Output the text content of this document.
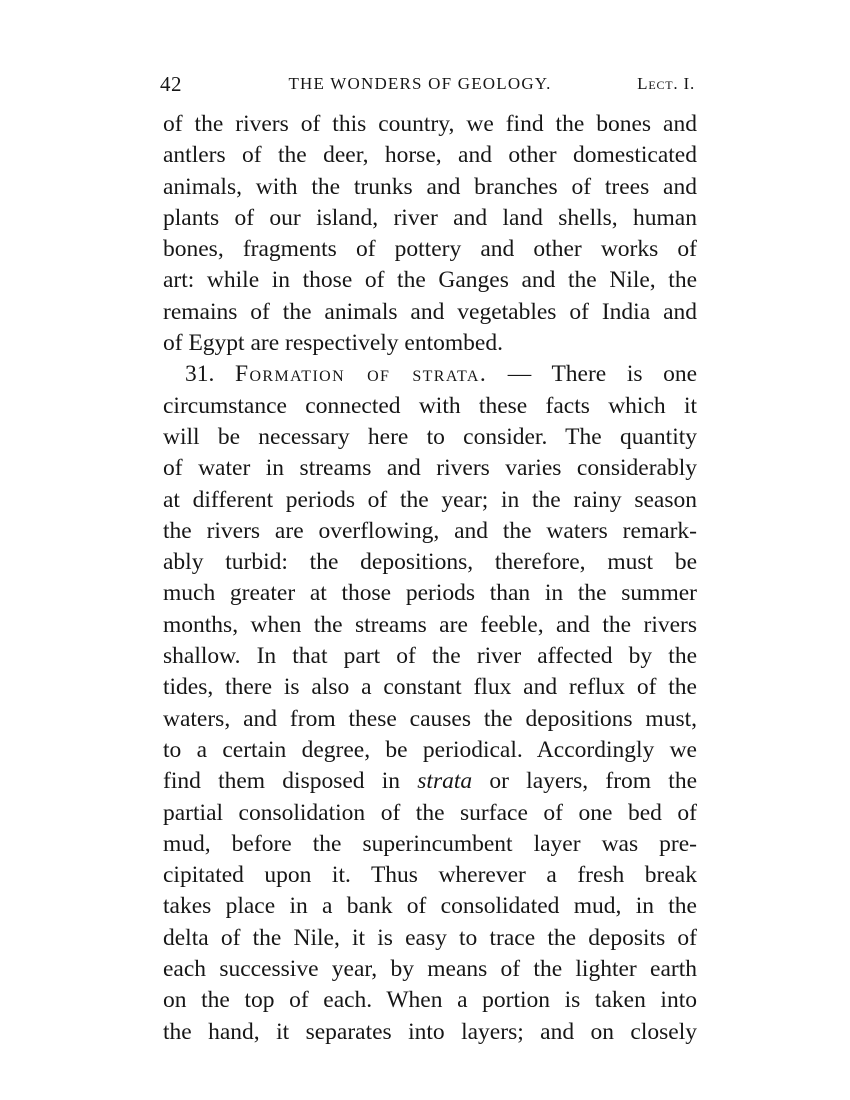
42	THE WONDERS OF GEOLOGY.	Lect. I.
of the rivers of this country, we find the bones and
antlers of the deer, horse, and other domesticated
animals, with the trunks and branches of trees and
plants of our island, river and land shells, human
bones, fragments of pottery and other works of
art: while in those of the Ganges and the Nile, the
remains of the animals and vegetables of India and
of Egypt are respectively entombed.
31. Formation of strata. — There is one
circumstance connected with these facts which it
will be necessary here to consider. The quantity
of water in streams and rivers varies considerably
at different periods of the year; in the rainy season
the rivers are overflowing, and the waters remark-
ably turbid: the depositions, therefore, must be
much greater at those periods than in the summer
months, when the streams are feeble, and the rivers
shallow. In that part of the river affected by the
tides, there is also a constant flux and reflux of the
waters, and from these causes the depositions must,
to a certain degree, be periodical. Accordingly we
find them disposed in strata or layers, from the
partial consolidation of the surface of one bed of
mud, before the superincumbent layer was pre-
cipitated upon it. Thus wherever a fresh break
takes place in a bank of consolidated mud, in the
delta of the Nile, it is easy to trace the deposits of
each successive year, by means of the lighter earth
on the top of each. When a portion is taken into
the hand, it separates into layers; and on closely
